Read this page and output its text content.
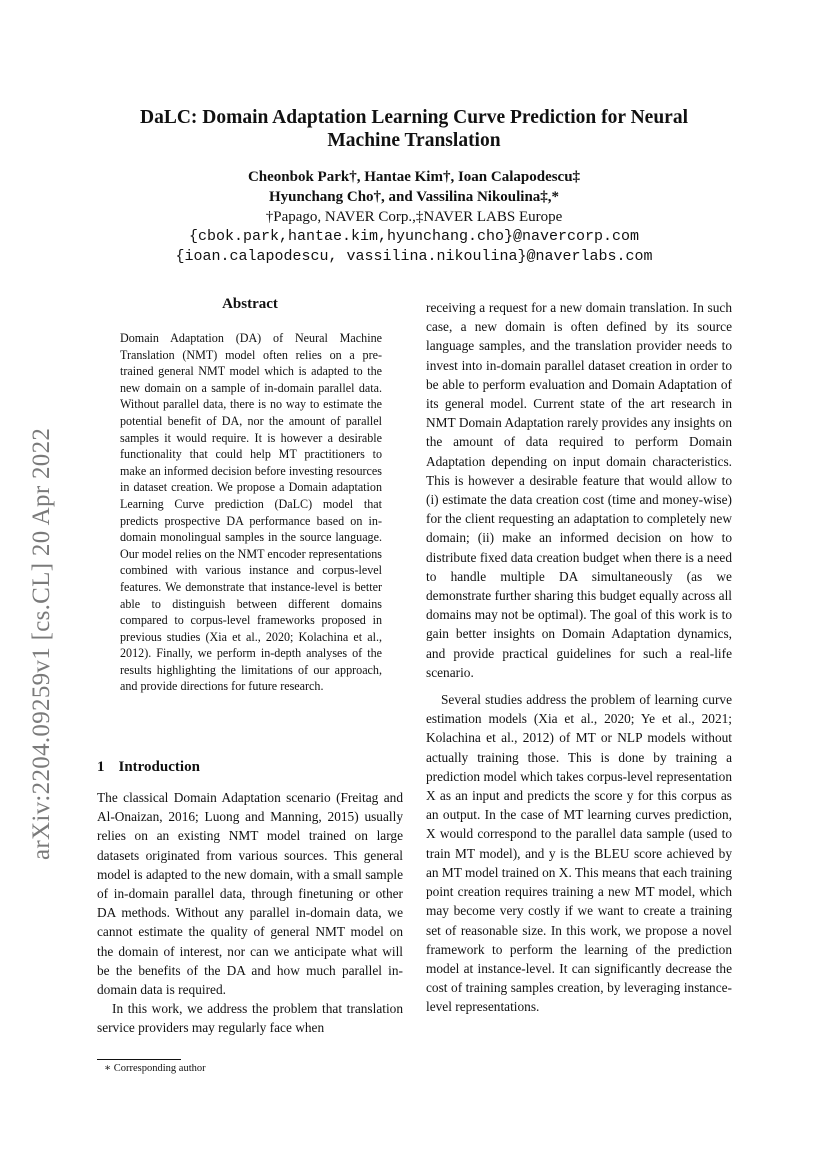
arXiv:2204.09259v1 [cs.CL] 20 Apr 2022
DaLC: Domain Adaptation Learning Curve Prediction for Neural Machine Translation
Cheonbok Park†, Hantae Kim†, Ioan Calapodescu‡
Hyunchang Cho†, and Vassilina Nikoulina‡,*
†Papago, NAVER Corp.,‡NAVER LABS Europe
{cbok.park,hantae.kim,hyunchang.cho}@navercorp.com
{ioan.calapodescu, vassilina.nikoulina}@naverlabs.com
Abstract
Domain Adaptation (DA) of Neural Machine Translation (NMT) model often relies on a pre-trained general NMT model which is adapted to the new domain on a sample of in-domain parallel data. Without parallel data, there is no way to estimate the potential benefit of DA, nor the amount of parallel samples it would require. It is however a desirable functionality that could help MT practitioners to make an informed decision before investing resources in dataset creation. We propose a Domain adaptation Learning Curve prediction (DaLC) model that predicts prospective DA performance based on in-domain monolingual samples in the source language. Our model relies on the NMT encoder representations combined with various instance and corpus-level features. We demonstrate that instance-level is better able to distinguish between different domains compared to corpus-level frameworks proposed in previous studies (Xia et al., 2020; Kolachina et al., 2012). Finally, we perform in-depth analyses of the results highlighting the limitations of our approach, and provide directions for future research.
1 Introduction

The classical Domain Adaptation scenario (Freitag and Al-Onaizan, 2016; Luong and Manning, 2015) usually relies on an existing NMT model trained on large datasets originated from various sources. This general model is adapted to the new domain, with a small sample of in-domain parallel data, through finetuning or other DA methods. Without any parallel in-domain data, we cannot estimate the quality of general NMT model on the domain of interest, nor can we anticipate what will be the benefits of the DA and how much parallel in-domain data is required.

In this work, we address the problem that translation service providers may regularly face when

receiving a request for a new domain translation. In such case, a new domain is often defined by its source language samples, and the translation provider needs to invest into in-domain parallel dataset creation in order to be able to perform evaluation and Domain Adaptation of its general model. Current state of the art research in NMT Domain Adaptation rarely provides any insights on the amount of data required to perform Domain Adaptation depending on input domain characteristics. This is however a desirable feature that would allow to (i) estimate the data creation cost (time and money-wise) for the client requesting an adaptation to completely new domain; (ii) make an informed decision on how to distribute fixed data creation budget when there is a need to handle multiple DA simultaneously (as we demonstrate further sharing this budget equally across all domains may not be optimal). The goal of this work is to gain better insights on Domain Adaptation dynamics, and provide practical guidelines for such a real-life scenario.

Several studies address the problem of learning curve estimation models (Xia et al., 2020; Ye et al., 2021; Kolachina et al., 2012) of MT or NLP models without actually training those. This is done by training a prediction model which takes corpus-level representation X as an input and predicts the score y for this corpus as an output. In the case of MT learning curves prediction, X would correspond to the parallel data sample (used to train MT model), and y is the BLEU score achieved by an MT model trained on X. This means that each training point creation requires training a new MT model, which may become very costly if we want to create a training set of reasonable size. In this work, we propose a novel framework to perform the learning of the prediction model at instance-level. It can significantly decrease the cost of training samples creation, by leveraging instance-level representations.

∗ Corresponding author
